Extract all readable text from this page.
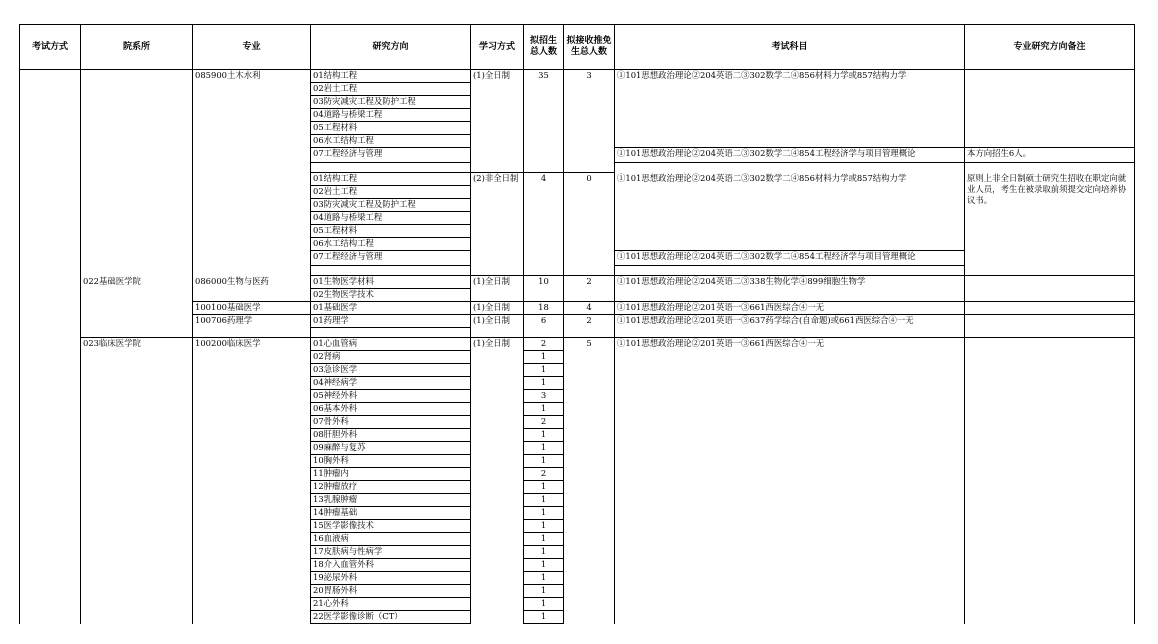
考试方式	院系所	专业	研究方向	学习方式	拟招生总人数	拟接收推免生总人数	考试科目	专业研究方向备注
		085900土木水利	01结构工程	(1)全日制	35	3	①101思想政治理论②204英语二③302数学二④856材料力学或857结构力学	
			02岩土工程					
			03防灾减灾工程及防护工程					
			04道路与桥梁工程					
			05工程材料					
			06水工结构工程					
			07工程经济与管理				①101思想政治理论②204英语二③302数学二④854工程经济学与项目管理概论	本方向招生6人。

			01结构工程	(2)非全日制	4	0	①101思想政治理论②204英语二③302数学二④856材料力学或857结构力学	原则上非全日制硕士研究生招收在职定向就业人员，考生在被录取前须提交定向培养协议书。
			02岩土工程					
			03防灾减灾工程及防护工程					
			04道路与桥梁工程					
			05工程材料					
			06水工结构工程					
			07工程经济与管理				①101思想政治理论②204英语二③302数学二④854工程经济学与项目管理概论	

	022基础医学院	086000生物与医药	01生物医学材料	(1)全日制	10	2	①101思想政治理论②204英语二③338生物化学④899细胞生物学	
			02生物医学技术					
		100100基础医学	01基础医学	(1)全日制	18	4	①101思想政治理论②201英语一③661西医综合④一无	
		100706药理学	01药理学	(1)全日制	6	2	①101思想政治理论②201英语一③637药学综合(自命题)或661西医综合④一无	

	023临床医学院	100200临床医学	01心血管病	(1)全日制	2	5	①101思想政治理论②201英语一③661西医综合④一无	
			02肾病		1			
			03急诊医学		1			
			04神经病学		1			
			05神经外科		3			
			06基本外科		1			
			07骨外科		2			
			08肝胆外科		1			
			09麻醉与复苏		1			
			10胸外科		1			
			11肿瘤内		2			
			12肿瘤放疗		1			
			13乳腺肿瘤		1			
			14肿瘤基础		1			
			15医学影像技术		1			
			16血液病		1			
			17皮肤病与性病学		1			
			18介入血管外科		1			
			19泌尿外科		1			
			20胃肠外科		1			
			21心外科		1			
			22医学影像诊断（CT）		1			
